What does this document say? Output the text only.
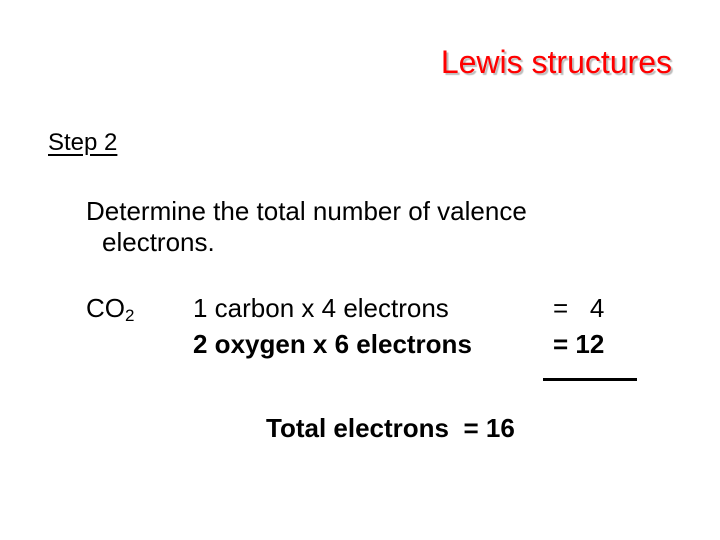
Lewis structures
Step 2
Determine the total number of valence
electrons.
$CO_2$ 1 carbon x 4 electrons	=   4
2 oxygen x 6 electrons	= 12
Total electrons  = 16
